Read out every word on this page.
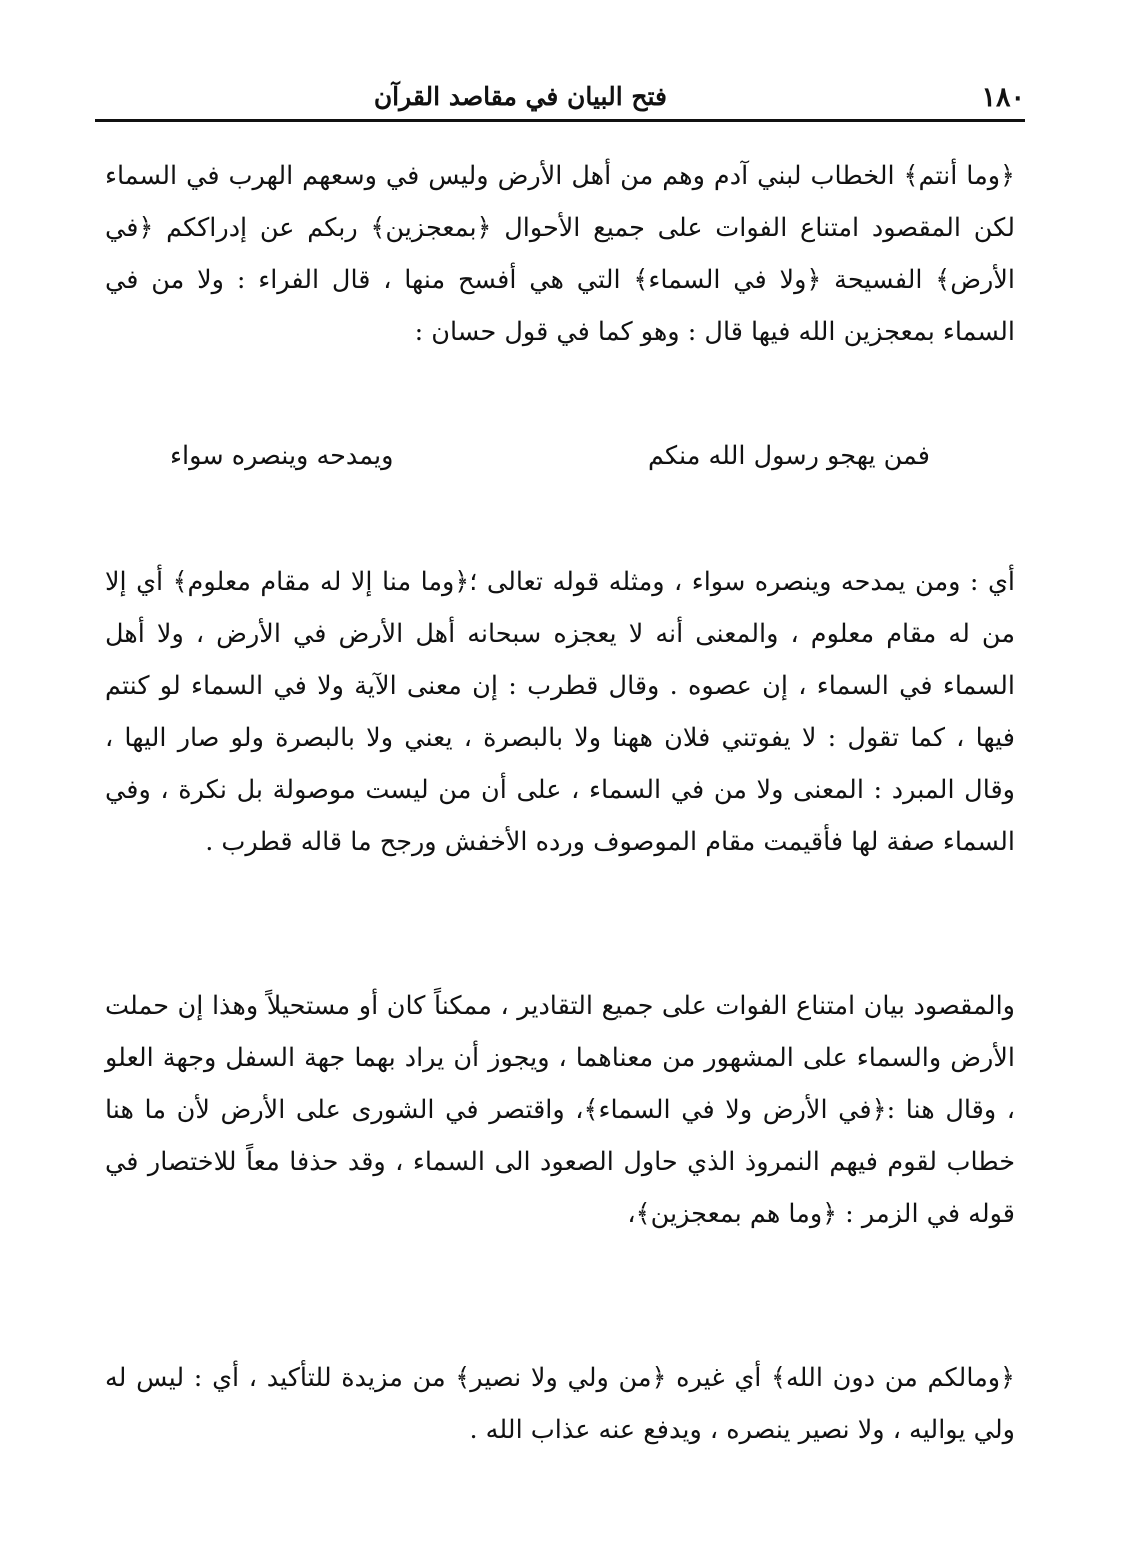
١٨٠
فتح البيان في مقاصد القرآن

﴿وما أنتم﴾ الخطاب لبني آدم وهم من أهل الأرض وليس في وسعهم الهرب في السماء لكن المقصود امتناع الفوات على جميع الأحوال ﴿بمعجزين﴾ ربكم عن إدراككم ﴿في الأرض﴾ الفسيحة ﴿ولا في السماء﴾ التي هي أفسح منها ، قال الفراء : ولا من في السماء بمعجزين الله فيها قال : وهو كما في قول حسان :

فمن يهجو رسول الله منكم
ويمدحه وينصره سواء

أي : ومن يمدحه وينصره سواء ، ومثله قوله تعالى ؛﴿وما منا إلا له مقام معلوم﴾ أي إلا من له مقام معلوم ، والمعنى أنه لا يعجزه سبحانه أهل الأرض في الأرض ، ولا أهل السماء في السماء ، إن عصوه . وقال قطرب : إن معنى الآية ولا في السماء لو كنتم فيها ، كما تقول : لا يفوتني فلان ههنا ولا بالبصرة ، يعني ولا بالبصرة ولو صار اليها ، وقال المبرد : المعنى ولا من في السماء ، على أن من ليست موصولة بل نكرة ، وفي السماء صفة لها فأقيمت مقام الموصوف ورده الأخفش ورجح ما قاله قطرب .

والمقصود بيان امتناع الفوات على جميع التقادير ، ممكناً كان أو مستحيلاً وهذا إن حملت الأرض والسماء على المشهور من معناهما ، ويجوز أن يراد بهما جهة السفل وجهة العلو ، وقال هنا :﴿في الأرض ولا في السماء﴾، واقتصر في الشورى على الأرض لأن ما هنا خطاب لقوم فيهم النمروذ الذي حاول الصعود الى السماء ، وقد حذفا معاً للاختصار في قوله في الزمر : ﴿وما هم بمعجزين﴾،

﴿ومالكم من دون الله﴾ أي غيره ﴿من ولي ولا نصير﴾ من مزيدة للتأكيد ، أي : ليس له ولي يواليه ، ولا نصير ينصره ، ويدفع عنه عذاب الله .
